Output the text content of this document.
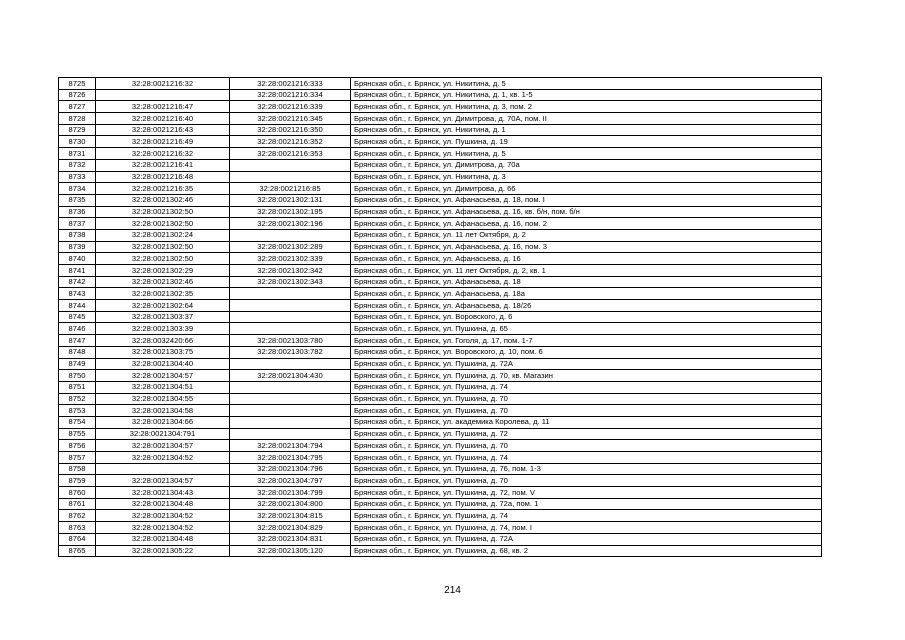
8725	32:28:0021216:32	32:28:0021216:333	Брянская обл., г. Брянск, ул. Никитина, д. 5
8726		32:28:0021216:334	Брянская обл., г. Брянск, ул. Никитина, д. 1, кв. 1-5
8727	32:28:0021216:47	32:28:0021216:339	Брянская обл., г. Брянск, ул. Никитина, д. 3, пом. 2
8728	32:28:0021216:40	32:28:0021216:345	Брянская обл., г. Брянск, ул. Димитрова, д. 70А, пом. II
8729	32:28:0021216:43	32:28:0021216:350	Брянская обл., г. Брянск, ул. Никитина, д. 1
8730	32:28:0021216:49	32:28:0021216:352	Брянская обл., г. Брянск, ул. Пушкина, д. 19
8731	32:28:0021216:32	32:28:0021216:353	Брянская обл., г. Брянск, ул. Никитина, д. 5
8732	32:28:0021216:41		Брянская обл., г. Брянск, ул. Димитрова, д. 70а
8733	32:28:0021216:48		Брянская обл., г. Брянск, ул. Никитина, д. 3
8734	32:28:0021216:35	32:28:0021216:85	Брянская обл., г. Брянск, ул. Димитрова, д. 66
8735	32:28:0021302:46	32:28:0021302:131	Брянская обл., г. Брянск, ул. Афанасьева, д. 18, пом. I
8736	32:28:0021302:50	32:28:0021302:195	Брянская обл., г. Брянск, ул. Афанасьева, д. 16, кв. б/н, пом. б/н
8737	32:28:0021302:50	32:28:0021302:196	Брянская обл., г. Брянск, ул. Афанасьева, д. 16, пом. 2
8738	32:28:0021302:24		Брянская обл., г. Брянск, ул. 11 лет Октября, д. 2
8739	32:28:0021302:50	32:28:0021302:289	Брянская обл., г. Брянск, ул. Афанасьева, д. 16, пом. 3
8740	32:28:0021302:50	32:28:0021302:339	Брянская обл., г. Брянск, ул. Афанасьева, д. 16
8741	32:28:0021302:29	32:28:0021302:342	Брянская обл., г. Брянск, ул. 11 лет Октября, д. 2, кв. 1
8742	32:28:0021302:46	32:28:0021302:343	Брянская обл., г. Брянск, ул. Афанасьева, д. 18
8743	32:28:0021302:35		Брянская обл., г. Брянск, ул. Афанасьева, д. 18а
8744	32:28:0021302:64		Брянская обл., г. Брянск, ул. Афанасьева, д. 18/26
8745	32:28:0021303:37		Брянская обл., г. Брянск, ул. Воровского, д. 6
8746	32:28:0021303:39		Брянская обл., г. Брянск, ул. Пушкина, д. 65
8747	32:28:0032420:66	32:28:0021303:780	Брянская обл., г. Брянск, ул. Гоголя, д. 17, пом. 1-7
8748	32:28:0021303:75	32:28:0021303:782	Брянская обл., г. Брянск, ул. Воровского, д. 10, пом. 6
8749	32:28:0021304:40		Брянская обл., г. Брянск, ул. Пушкина, д. 72А
8750	32:28:0021304:57	32:28:0021304:430	Брянская обл., г. Брянск, ул. Пушкина, д. 70, кв. Магазин
8751	32:28:0021304:51		Брянская обл., г. Брянск, ул. Пушкина, д. 74
8752	32:28:0021304:55		Брянская обл., г. Брянск, ул. Пушкина, д. 70
8753	32:28:0021304:58		Брянская обл., г. Брянск, ул. Пушкина, д. 70
8754	32:28:0021304:66		Брянская обл., г. Брянск, ул. академика Королева, д. 11
8755	32:28:0021304:791		Брянская обл., г. Брянск, ул. Пушкина, д. 72
8756	32:28:0021304:57	32:28:0021304:794	Брянская обл., г. Брянск, ул. Пушкина, д. 70
8757	32:28:0021304:52	32:28:0021304:795	Брянская обл., г. Брянск, ул. Пушкина, д. 74
8758		32:28:0021304:796	Брянская обл., г. Брянск, ул. Пушкина, д. 76, пом. 1-3
8759	32:28:0021304:57	32:28:0021304:797	Брянская обл., г. Брянск, ул. Пушкина, д. 70
8760	32:28:0021304:43	32:28:0021304:799	Брянская обл., г. Брянск, ул. Пушкина, д. 72, пом. V
8761	32:28:0021304:48	32:28:0021304:800	Брянская обл., г. Брянск, ул. Пушкина, д. 72а, пом. 1
8762	32:28:0021304:52	32:28:0021304:815	Брянская обл., г. Брянск, ул. Пушкина, д. 74
8763	32:28:0021304:52	32:28:0021304:829	Брянская обл., г. Брянск, ул. Пушкина, д. 74, пом. I
8764	32:28:0021304:48	32:28:0021304:831	Брянская обл., г. Брянск, ул. Пушкина, д. 72А
8765	32:28:0021305:22	32:28:0021305:120	Брянская обл., г. Брянск, ул. Пушкина, д. 68, кв. 2
214
